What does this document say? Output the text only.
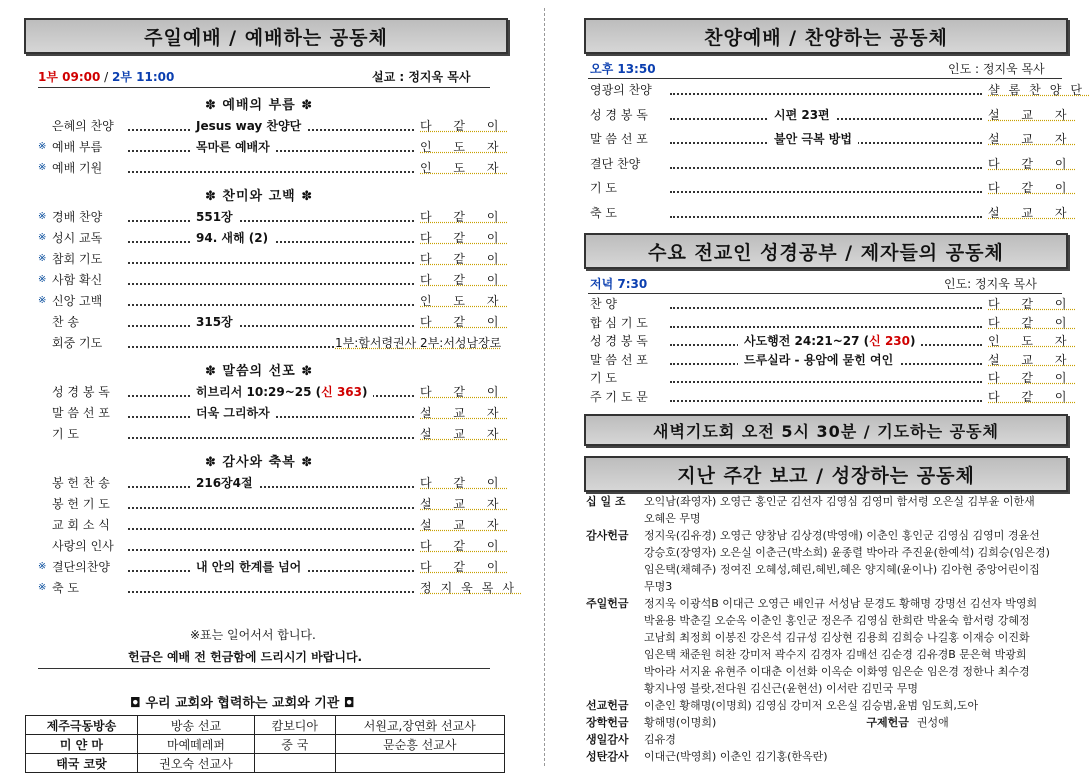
주일예배 / 예배하는 공동체
1부 09:00 / 2부 11:00	설교 : 정지욱 목사
✽ 예배의 부름 ✽
은혜의 찬양	Jesus way 찬양단	다 같 이
※ 예배 부름	목마른 예배자	인 도 자
※ 예배 기원	인 도 자
✽ 찬미와 고백 ✽
※ 경배 찬양	551장	다 같 이
※ 성시 교독	94. 새해 (2)	다 같 이
※ 참회 기도	다 같 이
※ 사함 확신	다 같 이
※ 신앙 고백	인 도 자
찬 송	315장	다 같 이
회중 기도	1부:함서령권사 2부:서성남장로
✽ 말씀의 선포 ✽
성 경 봉 독	히브리서 10:29~25 (신 363)	다 같 이
말 씀 선 포	더욱 그리하자	설 교 자
기 도	설 교 자
✽ 감사와 축복 ✽
봉 헌 찬 송	216장4절	다 같 이
봉 헌 기 도	설 교 자
교 회 소 식	설 교 자
사랑의 인사	다 같 이
※ 결단의찬양	내 안의 한계를 넘어	다 같 이
※ 축 도	정지욱목사
※표는 일어서서 합니다.
헌금은 예배 전 헌금함에 드리시기 바랍니다.
◘ 우리 교회와 협력하는 교회와 기관 ◘
제주극동방송	방송 선교	캄보디아	서원교,장연화 선교사
미 얀 마	마예떼레퍼	중 국	문순흥 선교사
태국 코랏	권오숙 선교사		
찬양예배 / 찬양하는 공동체
오후 13:50	인도 : 정지욱 목사
영광의 찬양	샬롬찬양단
성 경 봉 독	시편 23편	설 교 자
말 씀 선 포	불안 극복 방법	설 교 자
결단 찬양	다 같 이
기 도	다 같 이
축 도	설 교 자
수요 전교인 성경공부 / 제자들의 공동체
저녁 7:30	인도: 정지욱 목사
찬 양	다 같 이
합 심 기 도	다 같 이
성 경 봉 독	사도행전 24:21~27 (신 230)	인 도 자
말 씀 선 포	드루실라 - 용암에 묻힌 여인	설 교 자
기 도	다 같 이
주 기 도 문	다 같 이
새벽기도회 오전 5시 30분 / 기도하는 공동체
지난 주간 보고 / 성장하는 공동체
십 일 조 오익남(좌영자) 오영근 홍인군 김선자 김영심 김영미 함서령 오은실 김부윤 이한새
오혜은 무명
감사헌금 정지욱(김유경) 오영근 양창남 김상경(박영애) 이춘인 홍인군 김영심 김영미 경윤선
강승호(장영자) 오은실 이춘근(박소희) 윤종렬 박아라 주진윤(한예석) 김희승(임은경)
임은택(채혜주) 정여진 오혜성,혜린,혜빈,혜은 양지혜(윤이나) 김아현 중앙어린이집
무명3
주일헌금 정지욱 이광석B 이대근 오영근 배인규 서성남 문경도 황해명 강명선 김선자 박영희
박윤용 박춘길 오순옥 이춘인 홍인군 정은주 김영심 한희란 박윤숙 함서령 강혜정
고남희 최정희 이봉진 강은석 김규성 김상현 김용희 김희승 나길홍 이재승 이진화
임은택 채준원 허찬 강미저 곽수지 김경자 김매선 김순경 김유경B 문은혁 박광희
박아라 서지윤 유현주 이대춘 이선화 이옥순 이화영 임은순 임은경 정한나 최수경
황지나영 블랏,전다원 김신근(윤현선) 이서란 김민국 무명
선교헌금 이춘인 황해명(이명희) 김영심 강미저 오은실 김승범,윤범 임도희,도아
장학헌금 황해명(이명희)	구제헌금 권성애
생일감사 김유경
성탄감사 이대근(박영희) 이춘인 김기홍(한옥란)
